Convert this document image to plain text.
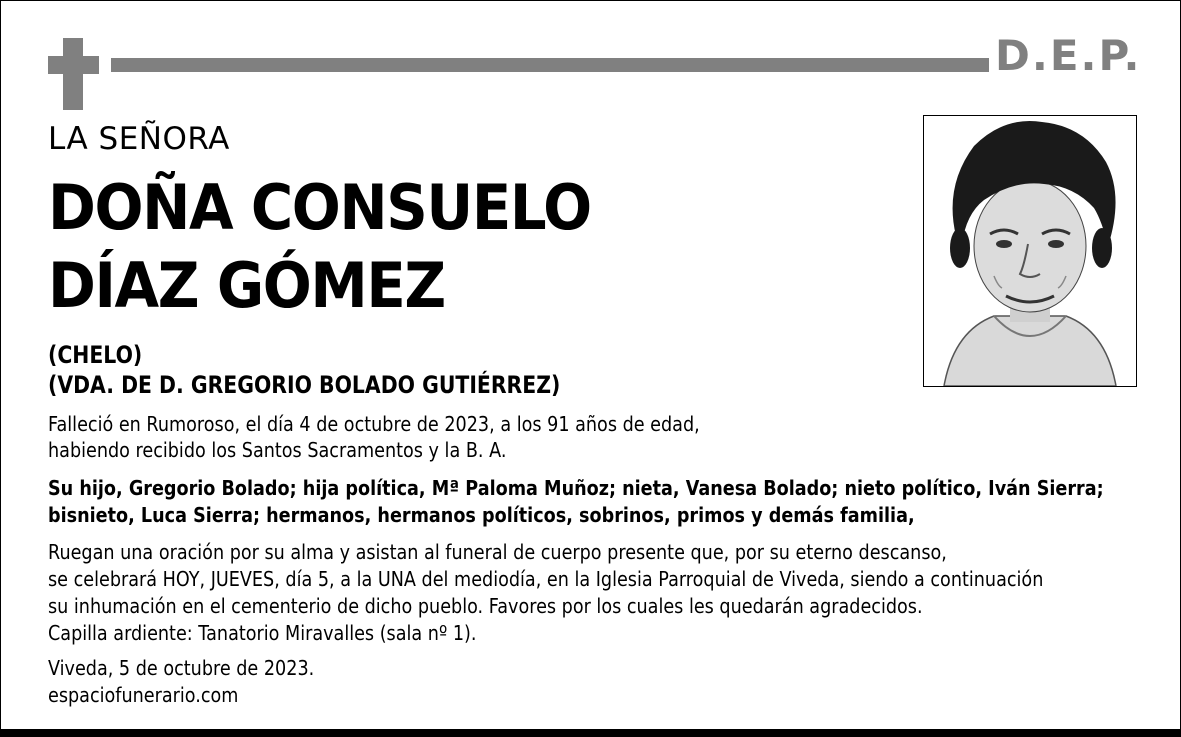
D.E.P.
LA SEÑORA
DOÑA CONSUELO
DÍAZ GÓMEZ
(CHELO)
(VDA. DE D. GREGORIO BOLADO GUTIÉRREZ)
Falleció en Rumoroso, el día 4 de octubre de 2023, a los 91 años de edad,
habiendo recibido los Santos Sacramentos y la B. A.
Su hijo, Gregorio Bolado; hija política, Mª Paloma Muñoz; nieta, Vanesa Bolado; nieto político, Iván Sierra;
bisnieto, Luca Sierra; hermanos, hermanos políticos, sobrinos, primos y demás familia,
Ruegan una oración por su alma y asistan al funeral de cuerpo presente que, por su eterno descanso,
se celebrará HOY, JUEVES, día 5, a la UNA del mediodía, en la Iglesia Parroquial de Viveda, siendo a continuación
su inhumación en el cementerio de dicho pueblo. Favores por los cuales les quedarán agradecidos.
Capilla ardiente: Tanatorio Miravalles (sala nº 1).
Viveda, 5 de octubre de 2023.
espaciofunerario.com
